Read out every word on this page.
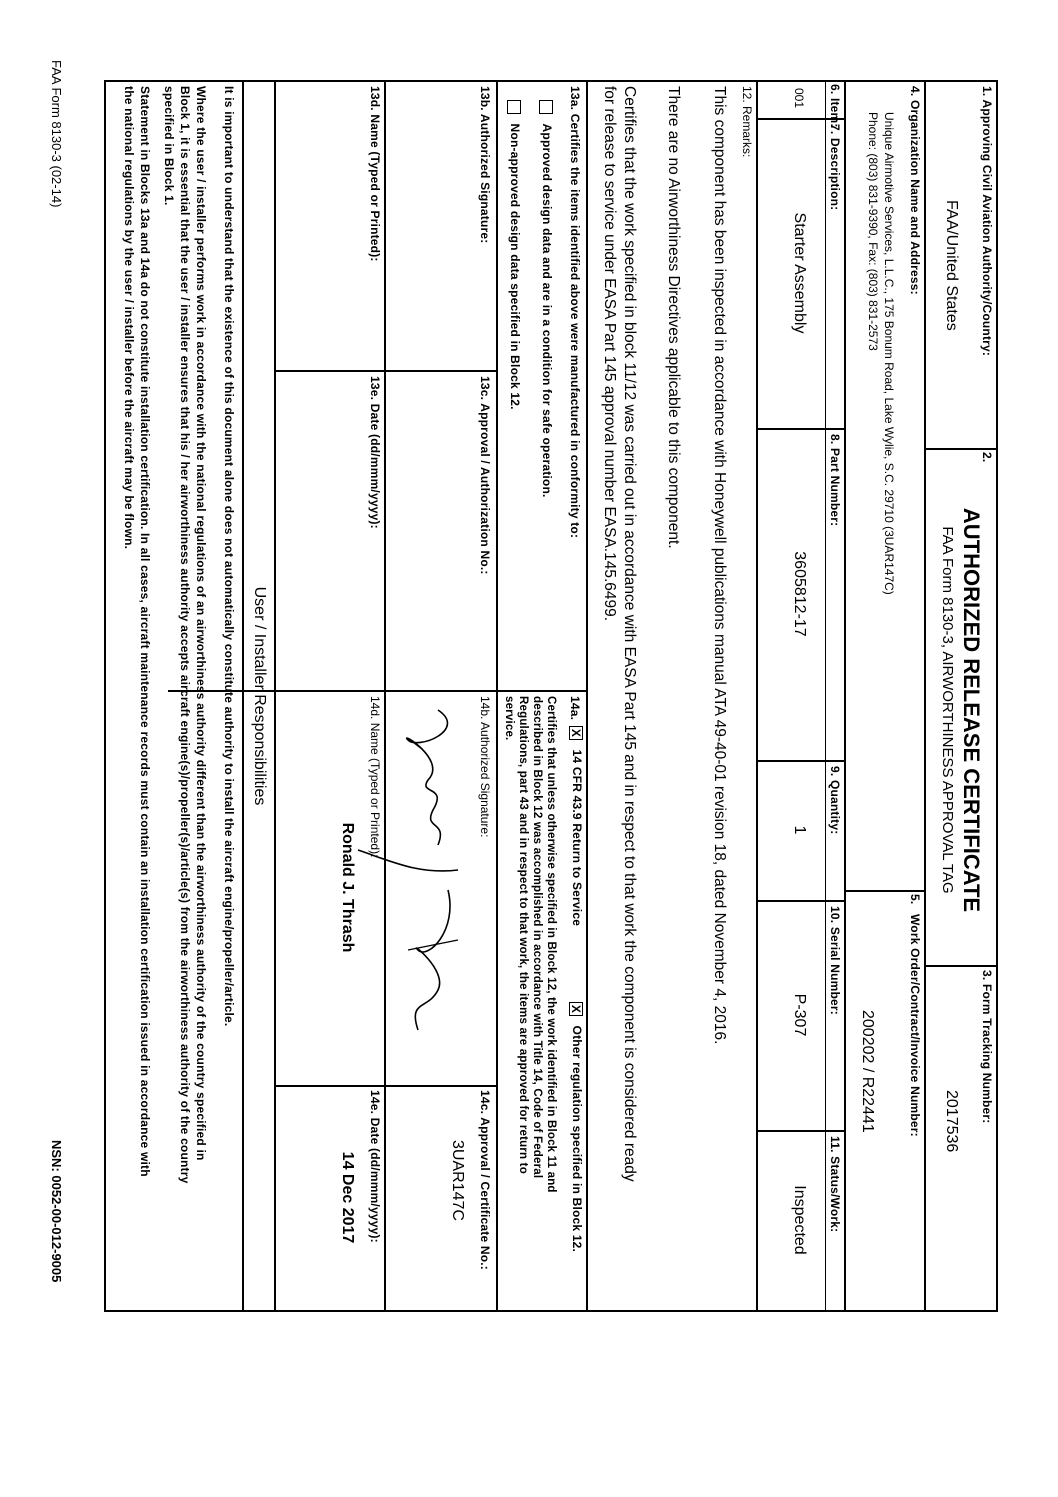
1. Approving Civil Aviation Authority/Country:
FAA/United States
2.
AUTHORIZED RELEASE CERTIFICATE
FAA Form 8130-3, AIRWORTHINESS APPROVAL TAG
3. Form Tracking Number:
2017536
4. Organization Name and Address:
Unique Airmotive Services, L.L.C., 175 Bonum Road, Lake Wylie, S.C. 29710 (3UAR147C)
Phone: (803) 831-9390, Fax: (803) 831-2573
5.
Work Order/Contract/Invoice Number:
200202 / R22441
6. Item:
7. Description:
8. Part Number:
9. Quantity:
10. Serial Number:
11. Status/Work:
001
Starter Assembly
3605812-17
1
P-307
Inspected
12. Remarks:
This component has been inspected in accordance with Honeywell publications manual ATA 49-40-01 revision 18, dated November 4, 2016.
There are no Airworthiness Directives applicable to this component.
Certifies that the work specified in block 11/12 was carried out in accordance with EASA Part 145 and in respect to that work the component is considered ready
for release to service under EASA Part 145 approval number EASA.145.6499.
13a. Certifies the items identified above were manufactured in conformity to:
Approved design data and are in a condition for safe operation.
Non-approved design data specified in Block 12.
14a.
X 14 CFR 43.9 Return to Service
X Other regulation specified in Block 12.
Certifies that unless otherwise specified in Block 12, the work identified in Block 11 and
described in Block 12 was accomplished in accordance with Title 14, Code of Federal
Regulations, part 43 and in respect to that work, the items are approved for return to
service.
13b. Authorized Signature:
13c. Approval / Authorization No.:
14b. Authorized Signature:
14c. Approval / Certificate No.:
3UAR147C
13d. Name (Typed or Printed):
13e. Date (dd/mmm/yyyy):
14d. Name (Typed or Printed):
Ronald J. Thrash
14e. Date (dd/mmm/yyyy):
14 Dec 2017
User / Installer Responsibilities
It is important to understand that the existence of this document alone does not automatically constitute authority to install the aircraft engine/propeller/article.
Where the user / installer performs work in accordance with the national regulations of an airworthiness authority different than the airworthiness authority of the country specified in
Block 1, it is essential that the user / installer ensures that his / her airworthiness authority accepts aircraft engine(s)/propeller(s)/article(s) from the airworthiness authority of the country
specified in Block 1.
Statement in Blocks 13a and 14a do not constitute installation certification. In all cases, aircraft maintenance records must contain an installation certification issued in accordance with
the national regulations by the user / installer before the aircraft may be flown.
FAA Form 8130-3 (02-14)
NSN: 0052-00-012-9005
